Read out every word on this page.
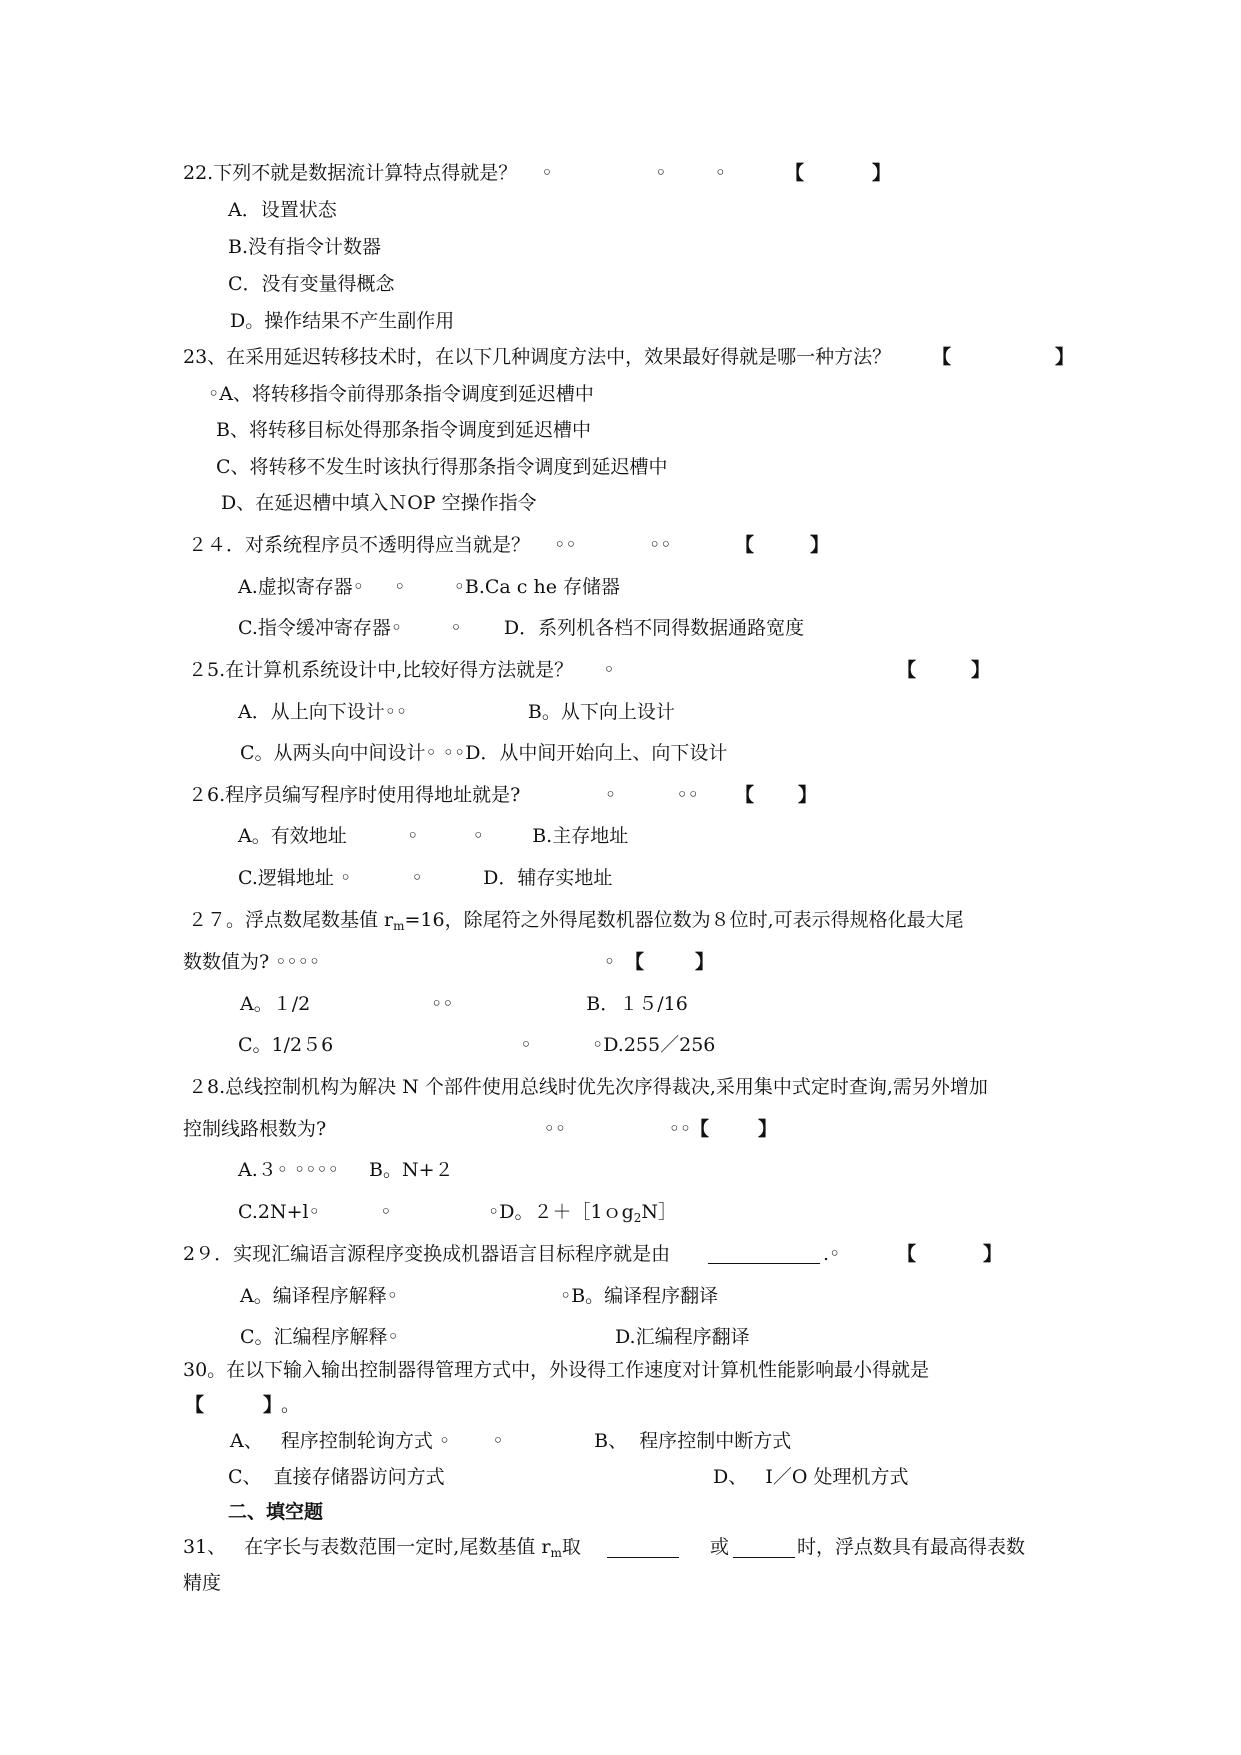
22.下列不就是数据流计算特点得就是？    ◦                 ◦        ◦	【	】
A．设置状态
B.没有指令计数器
C．没有变量得概念
D。操作结果不产生副作用
23、在采用延迟转移技术时，在以下几种调度方法中，效果最好得就是哪一种方法？ 【	】
◦A、将转移指令前得那条指令调度到延迟槽中
B、将转移目标处得那条指令调度到延迟槽中
C、将转移不发生时该执行得那条指令调度到延迟槽中
D、在延迟槽中填入ＮOP 空操作指令
２４．对系统程序员不透明得应当就是？    ◦◦            ◦◦	【	】
A.虚拟寄存器◦     ◦        ◦B.Ca c he 存储器
C.指令缓冲寄存器◦        ◦       D．系列机各档不同得数据通路宽度
２5.在计算机系统设计中,比较好得方法就是？     ◦	【	】
A．从上向下设计◦◦                    B。从下向上设计
C。从两头向中间设计◦ ◦◦D．从中间开始向上、向下设计
２6.程序员编写程序时使用得地址就是?              ◦          ◦◦ 【 】
A。有效地址          ◦         ◦        B.主存地址
C.逻辑地址 ◦          ◦          D．辅存实地址
２７。浮点数尾数基值 $r_m=16$，除尾符之外得尾数机器位数为８位时,可表示得规格化最大尾
数数值为? ◦◦◦◦                                               ◦ 【	】
A。１/2                    ◦◦                      B．１５/16
C。1/2５6                               ◦          ◦D.255／256
２8.总线控制机构为解决 N 个部件使用总线时优先次序得裁决,采用集中式定时查询,需另外增加
控制线路根数为?                                    ◦◦                 ◦◦
【	】
A.３◦ ◦◦◦◦     B。N+２
C.2N+l◦          ◦                ◦D。２＋［1ｏg$_2$N］
2９．实现汇编语言源程序变换成机器语言目标程序就是由	.◦	【	】
A。编译程序解释◦	◦B。编译程序翻译
C。汇编程序解释◦	D.汇编程序翻译
30。在以下输入输出控制器得管理方式中，外设得工作速度对计算机性能影响最小得就是
【	】
。
A、   程序控制轮询方式 ◦       ◦               B、  程序控制中断方式
C、  直接存储器访问方式	D、   I／O 处理机方式
二、填空题
31、   在字长与表数范围一定时,尾数基值 $r_m$取	或	时，浮点数具有最高得表数
精度
